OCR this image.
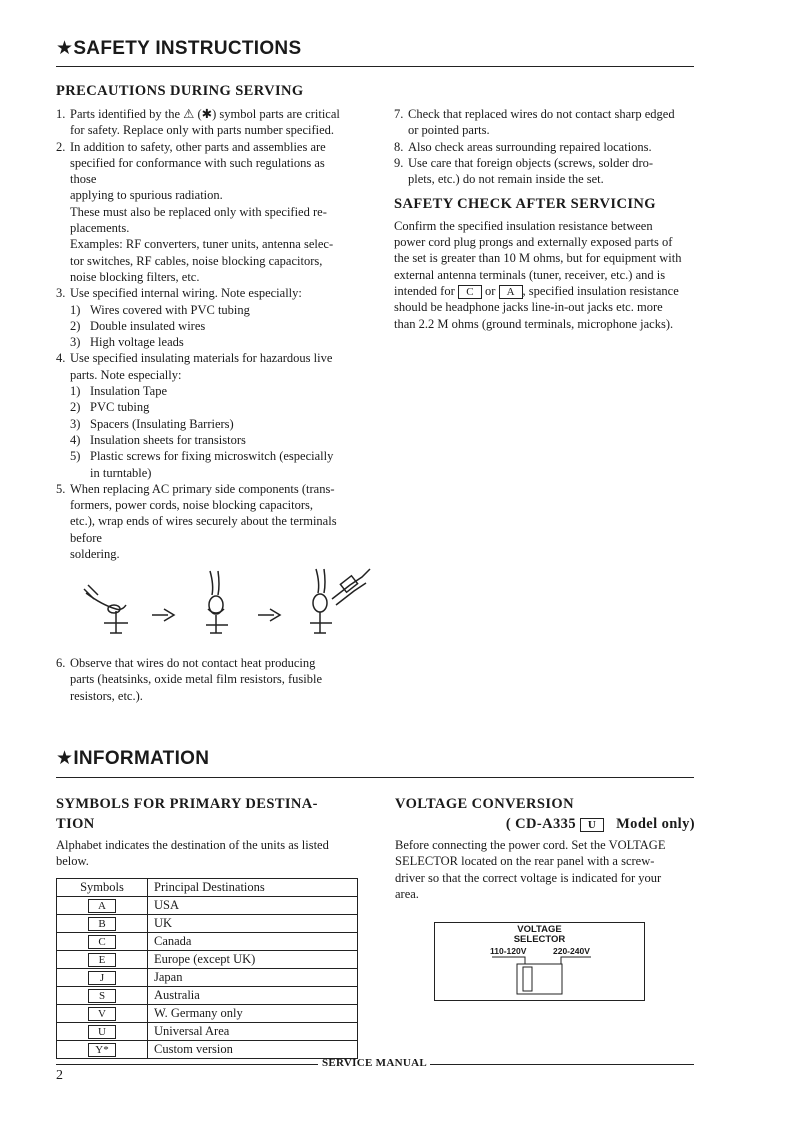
★SAFETY INSTRUCTIONS
PRECAUTIONS DURING SERVING
1. Parts identified by the ⚠ (✱) symbol parts are critical
for safety. Replace only with parts number specified.
2. In addition to safety, other parts and assemblies are
specified for conformance with such regulations as
those
applying to spurious radiation.
These must also be replaced only with specified re-
placements.
Examples: RF converters, tuner units, antenna selec-
tor switches, RF cables, noise blocking capacitors,
noise blocking filters, etc.
3. Use specified internal wiring. Note especially:
1) Wires covered with PVC tubing
2) Double insulated wires
3) High voltage leads
4. Use specified insulating materials for hazardous live
parts. Note especially:
1) Insulation Tape
2) PVC tubing
3) Spacers (Insulating Barriers)
4) Insulation sheets for transistors
5) Plastic screws for fixing microswitch (especially
in turntable)
5. When replacing AC primary side components (trans-
formers, power cords, noise blocking capacitors,
etc.), wrap ends of wires securely about the terminals
before
soldering.
6. Observe that wires do not contact heat producing
parts (heatsinks, oxide metal film resistors, fusible
resistors, etc.).
7. Check that replaced wires do not contact sharp edged
or pointed parts.
8. Also check areas surrounding repaired locations.
9. Use care that foreign objects (screws, solder dro-
plets, etc.) do not remain inside the set.
SAFETY CHECK AFTER SERVICING
Confirm the specified insulation resistance between
power cord plug prongs and externally exposed parts of
the set is greater than 10 M ohms, but for equipment with
external antenna terminals (tuner, receiver, etc.) and is
intended for C or A , specified insulation resistance
should be headphone jacks line-in-out jacks etc. more
than 2.2 M ohms (ground terminals, microphone jacks).
★INFORMATION
SYMBOLS FOR PRIMARY DESTINA-
TION
Alphabet indicates the destination of the units as listed
below.
Symbols	Principal Destinations
A	USA
B	UK
C	Canada
E	Europe (except UK)
J	Japan
S	Australia
V	W. Germany only
U	Universal Area
Y*	Custom version
VOLTAGE CONVERSION
( CD-A335 U Model only)
Before connecting the power cord. Set the VOLTAGE
SELECTOR located on the rear panel with a screw-
driver so that the correct voltage is indicated for your
area.
VOLTAGE
SELECTOR
110-120V	220-240V
SERVICE MANUAL
2
